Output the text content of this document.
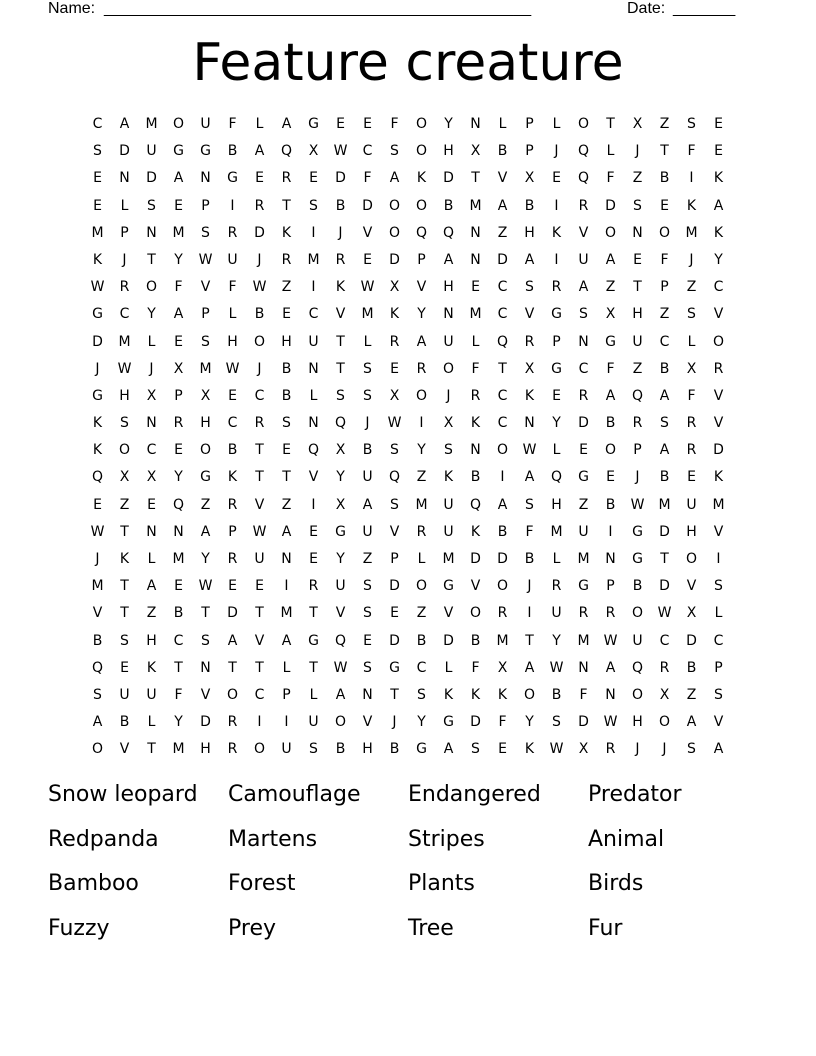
Name: ________________________________________________	Date: _______
Feature creature
C	A	M	O	U	F	L	A	G	E	E	F	O	Y	N	L	P	L	O	T	X	Z	S	E
S	D	U	G	G	B	A	Q	X	W	C	S	O	H	X	B	P	J	Q	L	J	T	F	E
E	N	D	A	N	G	E	R	E	D	F	A	K	D	T	V	X	E	Q	F	Z	B	I	K
E	L	S	E	P	I	R	T	S	B	D	O	O	B	M	A	B	I	R	D	S	E	K	A
M	P	N	M	S	R	D	K	I	J	V	O	Q	Q	N	Z	H	K	V	O	N	O	M	K
K	J	T	Y	W	U	J	R	M	R	E	D	P	A	N	D	A	I	U	A	E	F	J	Y
W	R	O	F	V	F	W	Z	I	K	W	X	V	H	E	C	S	R	A	Z	T	P	Z	C
G	C	Y	A	P	L	B	E	C	V	M	K	Y	N	M	C	V	G	S	X	H	Z	S	V
D	M	L	E	S	H	O	H	U	T	L	R	A	U	L	Q	R	P	N	G	U	C	L	O
J	W	J	X	M	W	J	B	N	T	S	E	R	O	F	T	X	G	C	F	Z	B	X	R
G	H	X	P	X	E	C	B	L	S	S	X	O	J	R	C	K	E	R	A	Q	A	F	V
K	S	N	R	H	C	R	S	N	Q	J	W	I	X	K	C	N	Y	D	B	R	S	R	V
K	O	C	E	O	B	T	E	Q	X	B	S	Y	S	N	O	W	L	E	O	P	A	R	D
Q	X	X	Y	G	K	T	T	V	Y	U	Q	Z	K	B	I	A	Q	G	E	J	B	E	K
E	Z	E	Q	Z	R	V	Z	I	X	A	S	M	U	Q	A	S	H	Z	B	W	M	U	M
W	T	N	N	A	P	W	A	E	G	U	V	R	U	K	B	F	M	U	I	G	D	H	V
J	K	L	M	Y	R	U	N	E	Y	Z	P	L	M	D	D	B	L	M	N	G	T	O	I
M	T	A	E	W	E	E	I	R	U	S	D	O	G	V	O	J	R	G	P	B	D	V	S
V	T	Z	B	T	D	T	M	T	V	S	E	Z	V	O	R	I	U	R	R	O	W	X	L
B	S	H	C	S	A	V	A	G	Q	E	D	B	D	B	M	T	Y	M	W	U	C	D	C
Q	E	K	T	N	T	T	L	T	W	S	G	C	L	F	X	A	W	N	A	Q	R	B	P
S	U	U	F	V	O	C	P	L	A	N	T	S	K	K	K	O	B	F	N	O	X	Z	S
A	B	L	Y	D	R	I	I	U	O	V	J	Y	G	D	F	Y	S	D	W	H	O	A	V
O	V	T	M	H	R	O	U	S	B	H	B	G	A	S	E	K	W	X	R	J	J	S	A
Snow leopard	Camouflage	Endangered	Predator
Redpanda	Martens	Stripes	Animal
Bamboo	Forest	Plants	Birds
Fuzzy	Prey	Tree	Fur
